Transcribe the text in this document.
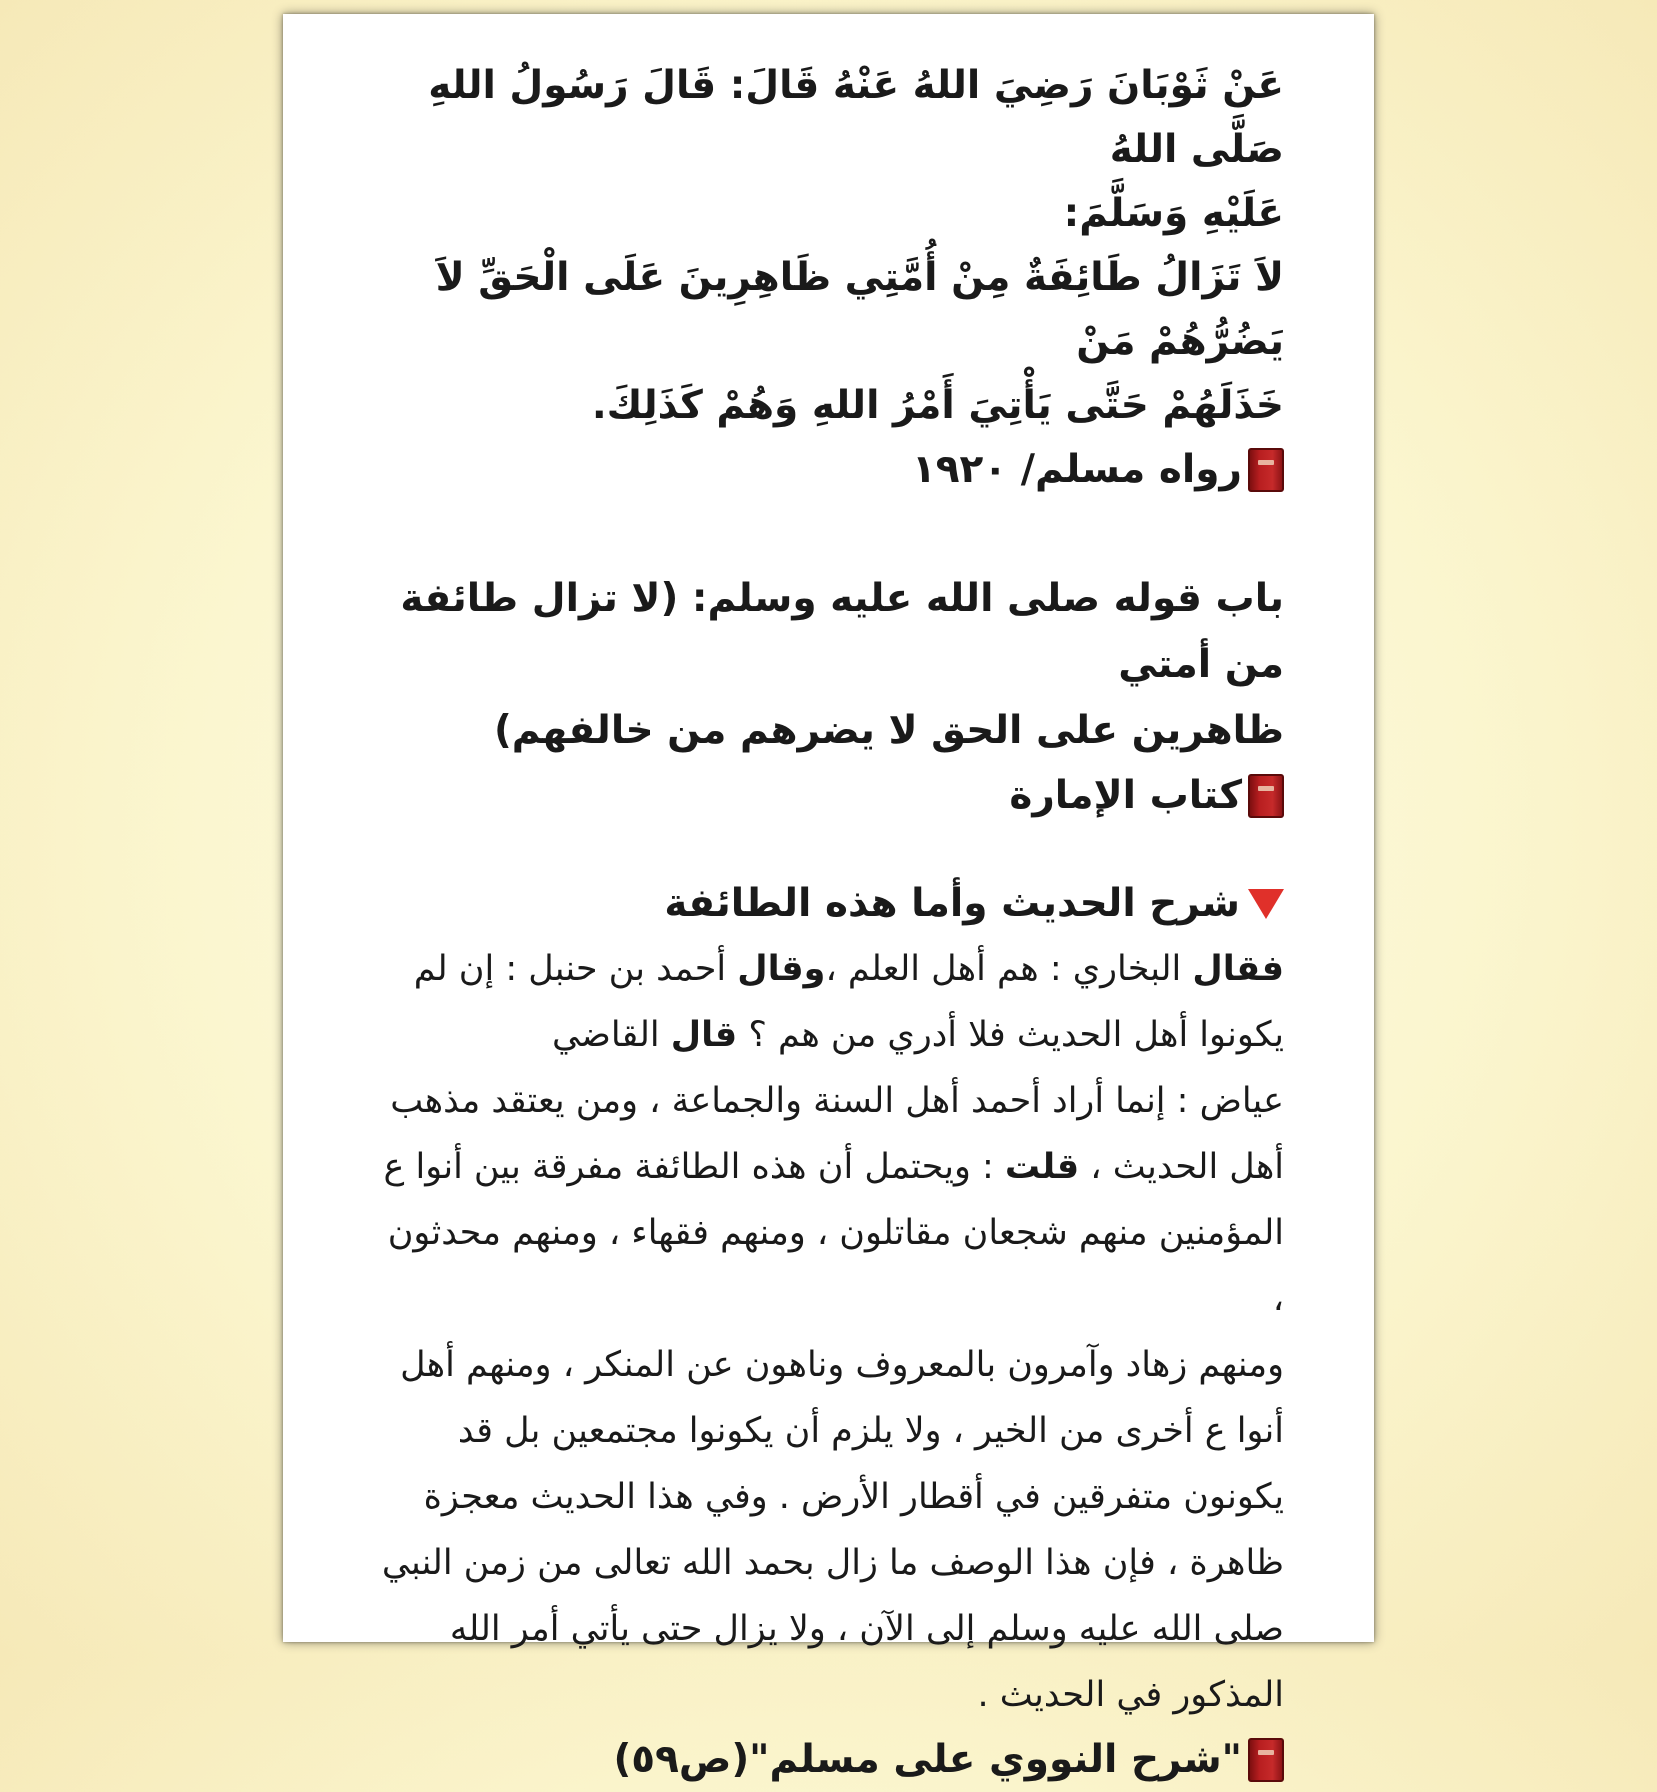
عَنْ ثَوْبَانَ رَضِيَ اللهُ عَنْهُ قَالَ: قَالَ رَسُولُ اللهِ صَلَّى اللهُ

عَلَيْهِ وَسَلَّمَ:

لاَ تَزَالُ طَائِفَةٌ مِنْ أُمَّتِي ظَاهِرِينَ عَلَى الْحَقِّ لاَ يَضُرُّهُمْ مَنْ

خَذَلَهُمْ حَتَّى يَأْتِيَ أَمْرُ اللهِ وَهُمْ كَذَلِكَ.

رواه مسلم/ ١٩٢٠

باب قوله صلى الله عليه وسلم: (لا تزال طائفة من أمتي

ظاهرين على الحق لا يضرهم من خالفهم)

كتاب الإمارة

شرح الحديث وأما هذه الطائفة

فقال البخاري : هم أهل العلم ،وقال أحمد بن حنبل : إن لم

يكونوا أهل الحديث فلا أدري من هم ؟ قال القاضي

عياض : إنما أراد أحمد أهل السنة والجماعة ، ومن يعتقد مذهب

أهل الحديث ، قلت : ويحتمل أن هذه الطائفة مفرقة بين أنوا ع

المؤمنين منهم شجعان مقاتلون ، ومنهم فقهاء ، ومنهم محدثون ،

ومنهم زهاد وآمرون بالمعروف وناهون عن المنكر ، ومنهم أهل

أنوا ع أخرى من الخير ، ولا يلزم أن يكونوا مجتمعين بل قد

يكونون متفرقين في أقطار الأرض . وفي هذا الحديث معجزة

ظاهرة ، فإن هذا الوصف ما زال بحمد الله تعالى من زمن النبي

صلى الله عليه وسلم إلى الآن ، ولا يزال حتى يأتي أمر الله

المذكور في الحديث .

"شرح النووي على مسلم"(ص٥٩)
